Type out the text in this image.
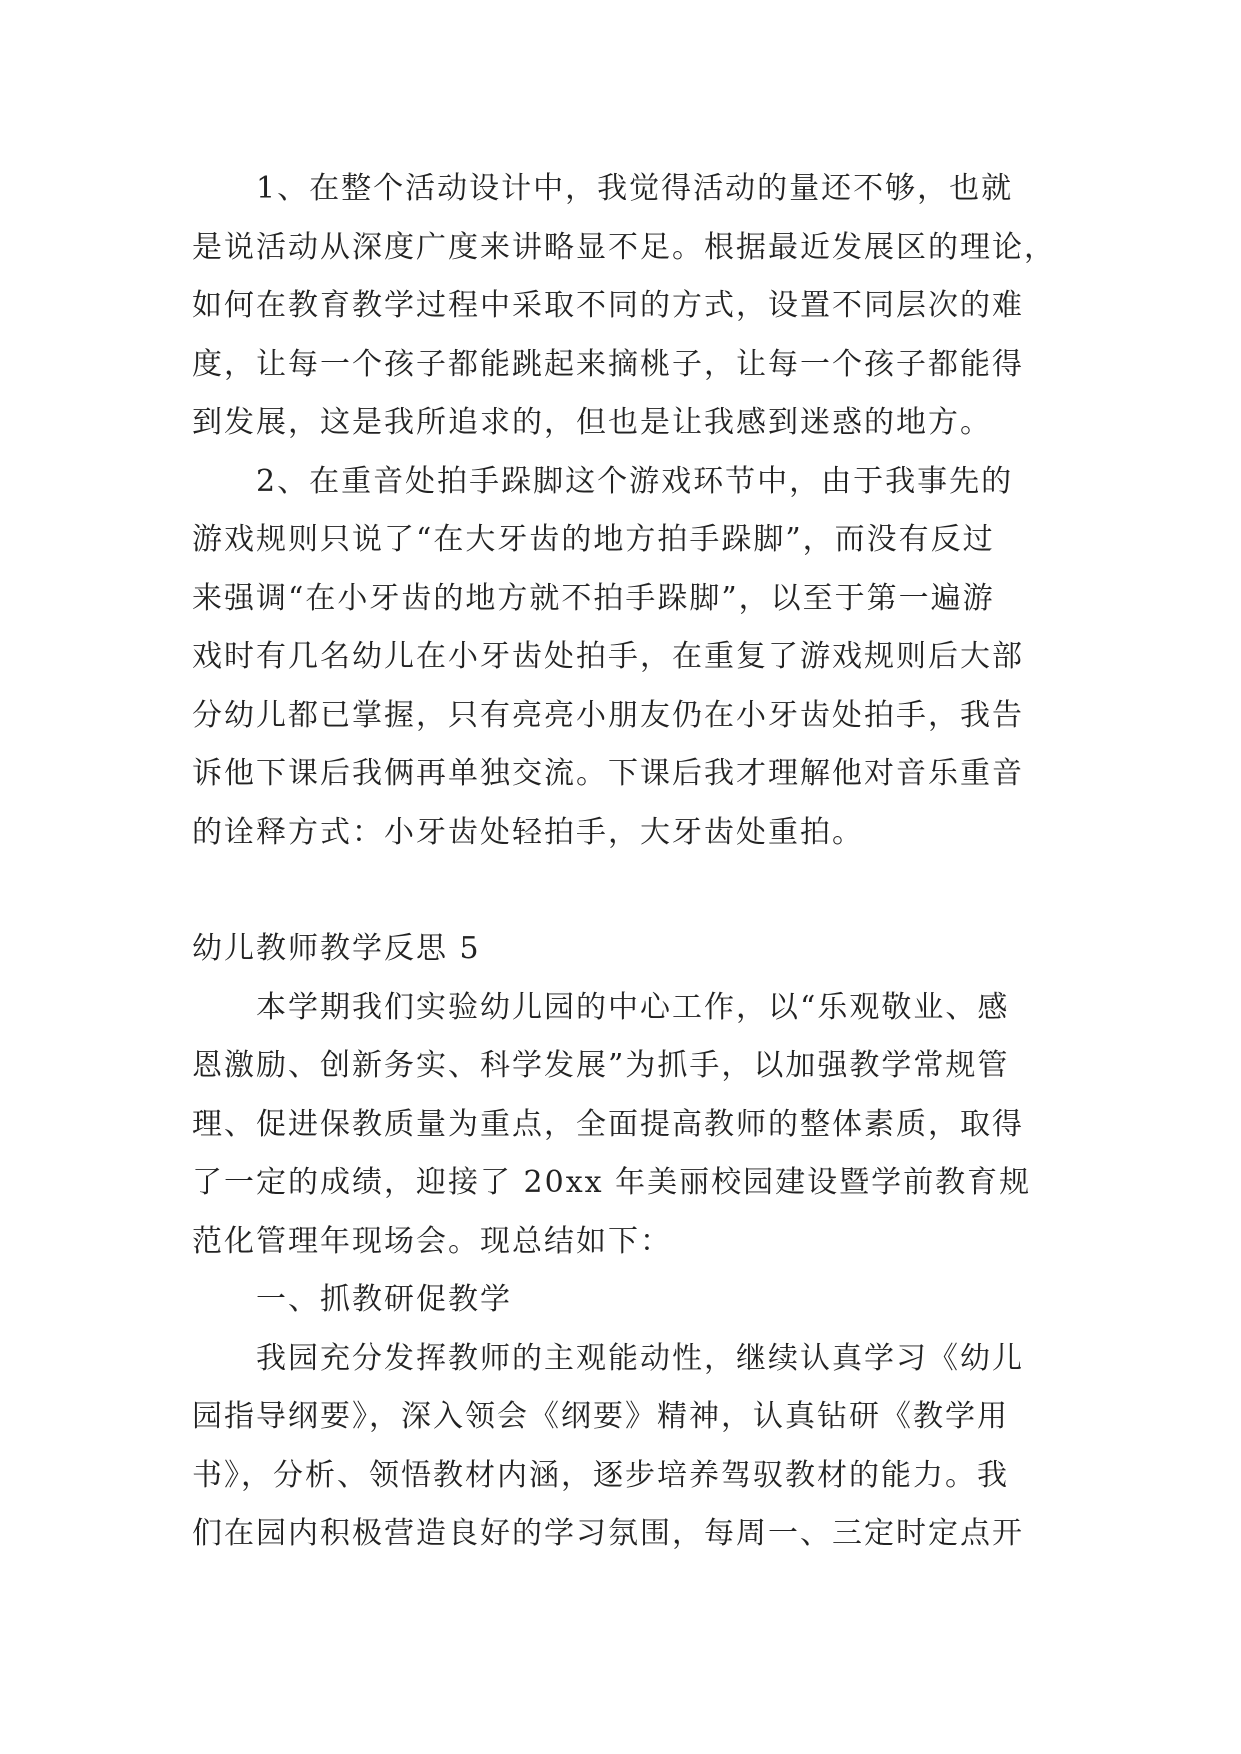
1、在整个活动设计中，我觉得活动的量还不够，也就
是说活动从深度广度来讲略显不足。根据最近发展区的理论，
如何在教育教学过程中采取不同的方式，设置不同层次的难
度，让每一个孩子都能跳起来摘桃子，让每一个孩子都能得
到发展，这是我所追求的，但也是让我感到迷惑的地方。
2、在重音处拍手跺脚这个游戏环节中，由于我事先的
游戏规则只说了“在大牙齿的地方拍手跺脚”，而没有反过
来强调“在小牙齿的地方就不拍手跺脚”，以至于第一遍游
戏时有几名幼儿在小牙齿处拍手，在重复了游戏规则后大部
分幼儿都已掌握，只有亮亮小朋友仍在小牙齿处拍手，我告
诉他下课后我俩再单独交流。下课后我才理解他对音乐重音
的诠释方式：小牙齿处轻拍手，大牙齿处重拍。
幼儿教师教学反思 5
本学期我们实验幼儿园的中心工作，以“乐观敬业、感
恩激励、创新务实、科学发展”为抓手，以加强教学常规管
理、促进保教质量为重点，全面提高教师的整体素质，取得
了一定的成绩，迎接了 20xx 年美丽校园建设暨学前教育规
范化管理年现场会。现总结如下：
一、抓教研促教学
我园充分发挥教师的主观能动性，继续认真学习《幼儿
园指导纲要》，深入领会《纲要》精神，认真钻研《教学用
书》，分析、领悟教材内涵，逐步培养驾驭教材的能力。我
们在园内积极营造良好的学习氛围，每周一、三定时定点开
